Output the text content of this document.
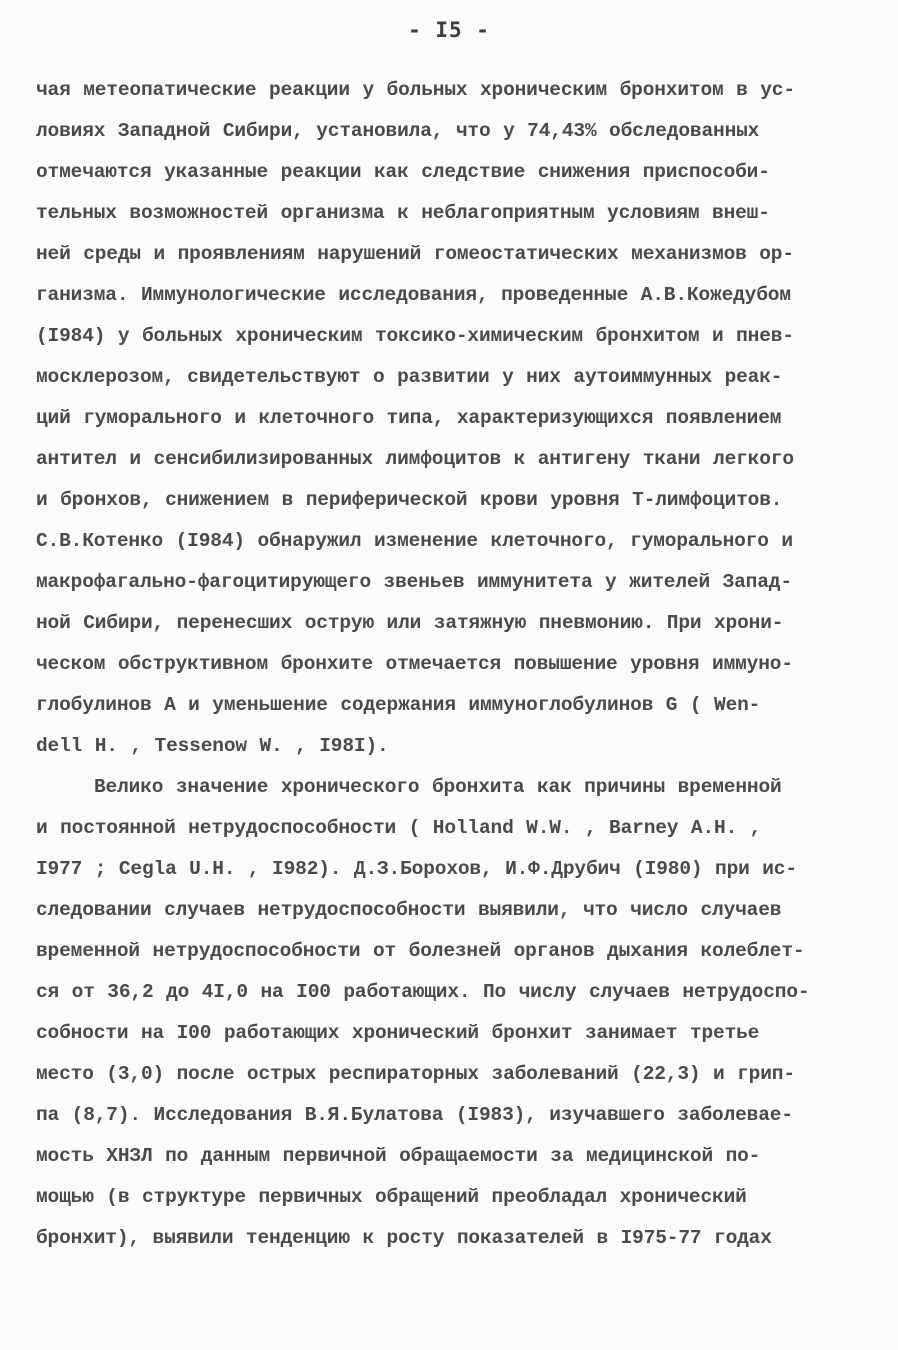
- I5 -
чая метеопатические реакции у больных хроническим бронхитом в ус-
ловиях Западной Сибири, установила, что у 74,43% обследованных
отмечаются указанные реакции как следствие снижения приспособи-
тельных возможностей организма к неблагоприятным условиям внеш-
ней среды и проявлениям нарушений гомеостатических механизмов ор-
ганизма. Иммунологические исследования, проведенные А.В.Кожедубом
(I984) у больных хроническим токсико-химическим бронхитом и пнев-
москлерозом, свидетельствуют о развитии у них аутоиммунных реак-
ций гуморального и клеточного типа, характеризующихся появлением
антител и сенсибилизированных лимфоцитов к антигену ткани легкого
и бронхов, снижением в периферической крови уровня Т-лимфоцитов.
С.В.Котенко (I984) обнаружил изменение клеточного, гуморального и
макрофагально-фагоцитирующего звеньев иммунитета у жителей Запад-
ной Сибири, перенесших острую или затяжную пневмонию. При хрони-
ческом обструктивном бронхите отмечается повышение уровня иммуно-
глобулинов А и уменьшение содержания иммуноглобулинов G ( Wen-
dell H. , Tessenow W. , I98I).
Велико значение хронического бронхита как причины временной
и постоянной нетрудоспособности ( Holland W.W. , Barney A.H. ,
I977 ; Cegla U.H. , I982). Д.З.Борохов, И.Ф.Друбич (I980) при ис-
следовании случаев нетрудоспособности выявили, что число случаев
временной нетрудоспособности от болезней органов дыхания колеблет-
ся от 36,2 до 4I,0 на I00 работающих. По числу случаев нетрудоспо-
собности на I00 работающих хронический бронхит занимает третье
место (3,0) после острых респираторных заболеваний (22,3) и грип-
па (8,7). Исследования В.Я.Булатова (I983), изучавшего заболевае-
мость ХНЗЛ по данным первичной обращаемости за медицинской по-
мощью (в структуре первичных обращений преобладал хронический
бронхит), выявили тенденцию к росту показателей в I975-77 годах
